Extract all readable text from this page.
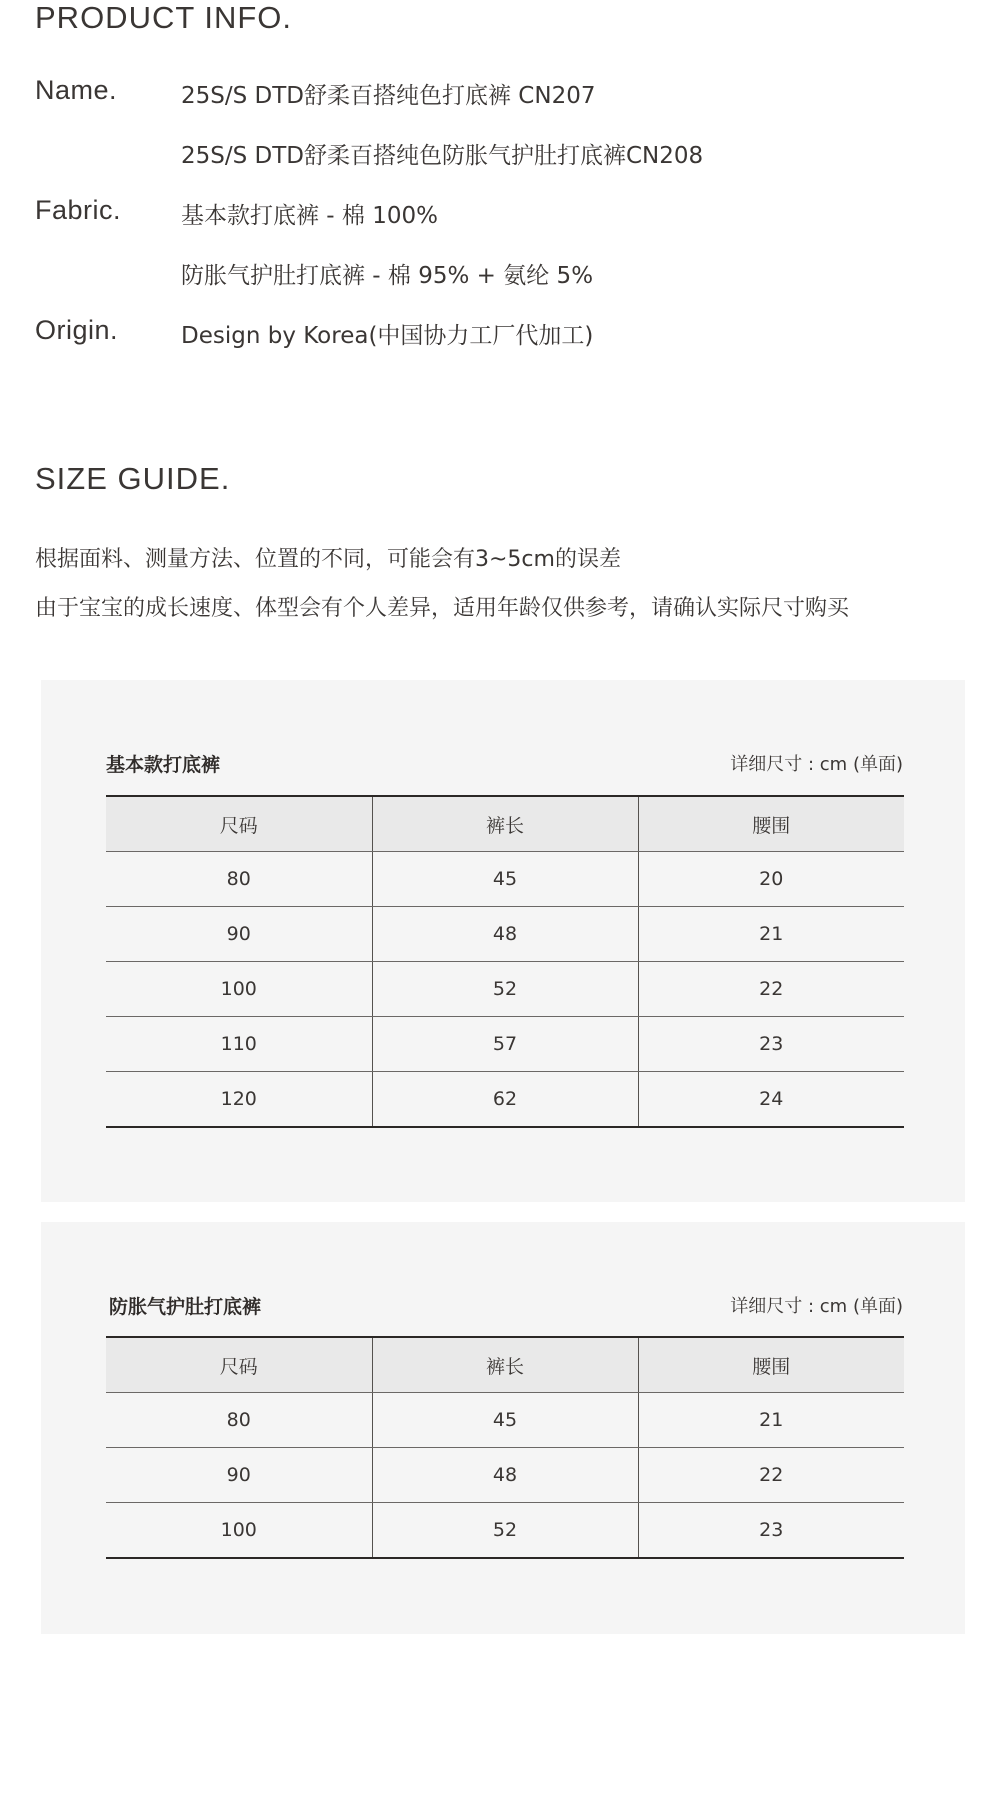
PRODUCT INFO.
Name.	25S/S DTD舒柔百搭纯色打底裤 CN207
25S/S DTD舒柔百搭纯色防胀气护肚打底裤CN208
Fabric.	基本款打底裤 - 棉 100%
防胀气护肚打底裤 - 棉 95% + 氨纶 5%
Origin.	Design by Korea(中国协力工厂代加工)
SIZE GUIDE.
根据面料、测量方法、位置的不同，可能会有3~5cm的误差
由于宝宝的成长速度、体型会有个人差异，适用年龄仅供参考，请确认实际尺寸购买
基本款打底裤	详细尺寸 : cm (单面)
尺码	裤长	腰围
80	45	20
90	48	21
100	52	22
110	57	23
120	62	24
防胀气护肚打底裤	详细尺寸 : cm (单面)
尺码	裤长	腰围
80	45	21
90	48	22
100	52	23
